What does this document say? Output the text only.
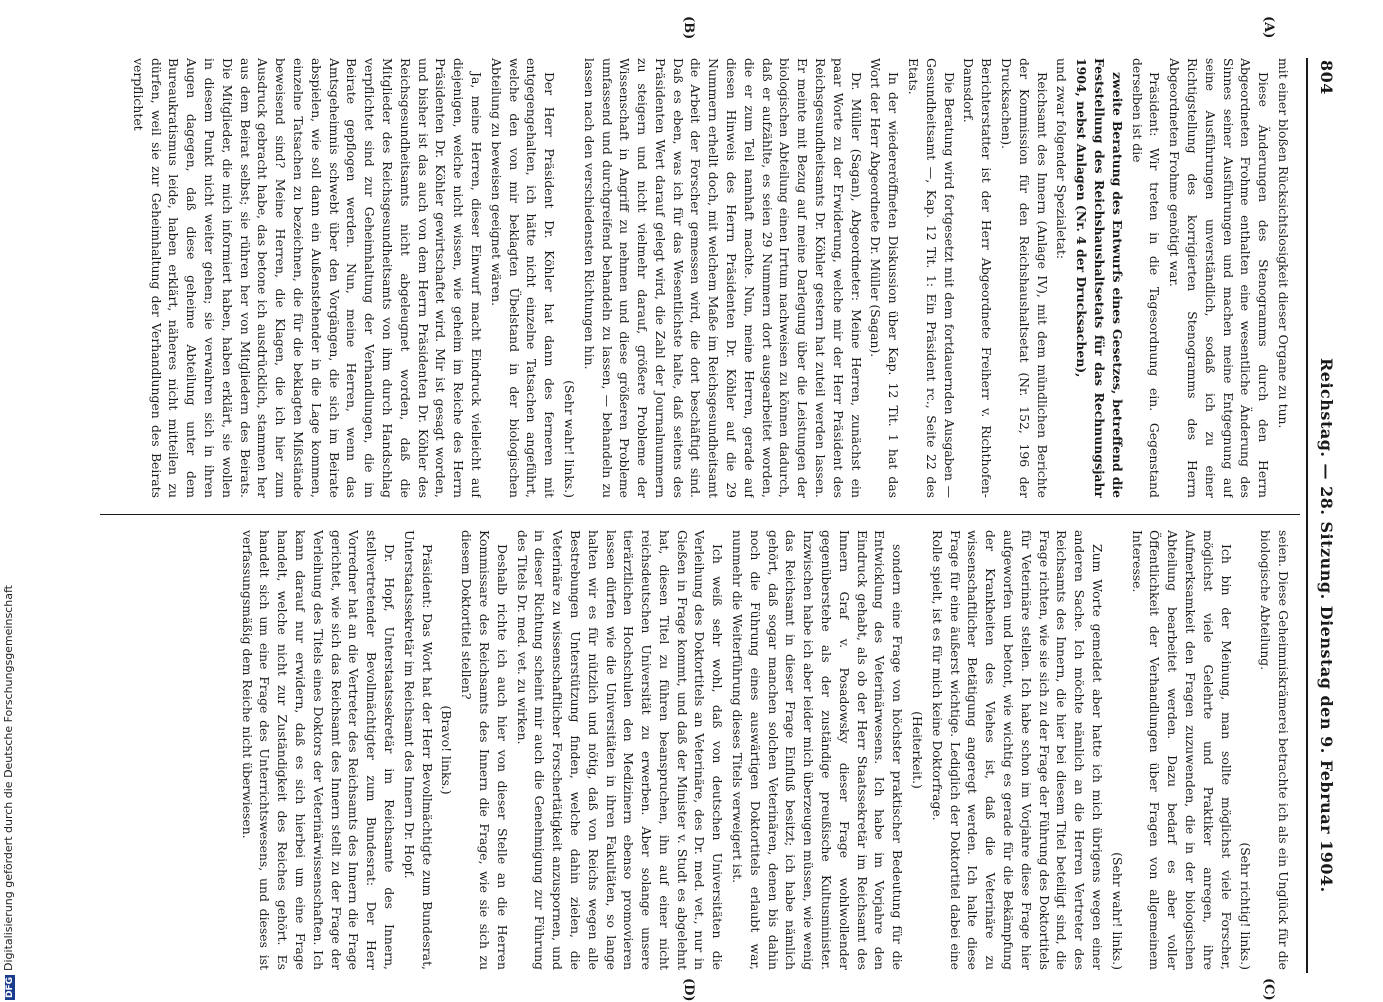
804
Reichstag. — 28. Sitzung. Dienstag den 9. Februar 1904.
(A)
(B)
(C)
(D)

mit einer bloßen Rücksichtslosigkeit dieser Organe zu tun.

Diese Änderungen des Stenogramms durch den Herrn Abgeordneten Frohme enthalten eine wesentliche Änderung des Sinnes seiner Ausführungen und machen meine Entgegnung auf seine Ausführungen unverständlich, sodaß ich zu einer Richtigstellung des korrigierten Stenogramms des Herrn Abgeordneten Frohme genötigt war.

Präsident: Wir treten in die Tagesordnung ein. Gegenstand derselben ist die

zweite Beratung des Entwurfs eines Gesetzes, betreffend die Feststellung des Reichshaushaltsetats für das Rechnungsjahr 1904, nebst Anlagen (Nr. 4 der Drucksachen),

und zwar folgender Spezialetat:

Reichsamt des Innern (Anlage IV), mit dem mündlichen Berichte der Kommission für den Reichshaushaltsetat (Nr. 152, 196 der Drucksachen).

Berichterstatter ist der Herr Abgeordnete Freiherr v. Richthofen-Damsdorf.

Die Beratung wird fortgesetzt mit dem fortdauernden Ausgaben — Gesundheitsamt —, Kap. 12 Tit. 1: Ein Präsident rc., Seite 22 des Etats.

In der wiedereröffneten Diskussion über Kap. 12 Tit. 1 hat das Wort der Herr Abgeordnete Dr. Müller (Sagan).

Dr. Müller (Sagan), Abgeordneter: Meine Herren, zunächst ein paar Worte zu der Erwiderung, welche mir der Herr Präsident des Reichsgesundheitsamts Dr. Köhler gestern hat zuteil werden lassen. Er meinte mit Bezug auf meine Darlegung über die Leistungen der biologischen Abteilung einen Irrtum nachweisen zu können dadurch, daß er aufzählte, es seien 29 Nummern dort ausgearbeitet worden, die er zum Teil namhaft machte. Nun, meine Herren, gerade auf diesen Hinweis des Herrn Präsidenten Dr. Köhler auf die 29 Nummern erhellt doch, mit welchem Maße im Reichsgesundheitsamt die Arbeit der Forscher gemessen wird, die dort beschäftigt sind. Daß es eben, was ich für das Wesentlichste halte, daß seitens des Präsidenten Wert darauf gelegt wird, die Zahl der Journalnummern zu steigern und nicht vielmehr darauf, größere Probleme der Wissenschaft in Angriff zu nehmen und diese größeren Probleme umfassend und durchgreifend behandeln zu lassen, — behandeln zu lassen nach den verschiedensten Richtungen hin.

(Sehr wahr! links.)

Der Herr Präsident Dr. Köhler hat dann des ferneren mit entgegengehalten, ich hätte nicht einzelne Tatsachen angeführt, welche den von mir beklagten Übelstand in der biologischen Abteilung zu beweisen geeignet wären.

Ja, meine Herren, dieser Einwurf macht Eindruck vielleicht auf diejenigen, welche nicht wissen, wie geheim im Reiche des Herrn Präsidenten Dr. Köhler gewirtschaftet wird. Mir ist gesagt worden, und bisher ist das auch von dem Herrn Präsidenten Dr. Köhler des Reichsgesundheitsamts nicht abgeleugnet worden, daß die Mitglieder des Reichsgesundheitsamts von ihm durch Handschlag verpflichtet sind zur Geheimhaltung der Verhandlungen, die im Beirate gepflogen werden. Nun, meine Herren, wenn das Amtsgeheimnis schwebt über den Vorgängen, die sich im Beirate abspielen, wie soll dann ein Außenstehender in die Lage kommen, einzelne Tatsachen zu bezeichnen, die für die beklagten Mißstände beweisend sind? Meine Herren, die Klagen, die ich hier zum Ausdruck gebracht habe, das betone ich ausdrücklich, stammen her aus dem Beirat selbst; sie rühren her von Mitgliedern des Beirats. Die Mitglieder, die mich informiert haben, haben erklärt, sie wollen in diesem Punkt nicht weiter gehen; sie verwahren sich in ihren Augen dagegen, daß diese geheime Abteilung unter dem Bureaukratismus leide, haben erklärt, näheres nicht mitteilen zu dürfen, weil sie zur Geheimhaltung der Verhandlungen des Beirats verpflichtet

seien. Diese Geheimniskrämerei betrachte ich als ein Unglück für die biologische Abteilung.

(Sehr richtig! links.)

Ich bin der Meinung, man sollte möglichst viele Forscher, möglichst viele Gelehrte und Praktiker anregen, ihre Aufmerksamkeit den Fragen zuzuwenden, die in der biologischen Abteilung bearbeitet werden. Dazu bedarf es aber voller Öffentlichkeit der Verhandlungen über Fragen von allgemeinem Interesse.

(Sehr wahr! links.)

Zum Worte gemeldet aber hatte ich mich übrigens wegen einer anderen Sache. Ich möchte nämlich an die Herren Vertreter des Reichsamts des Innern, die hier bei diesem Titel beteiligt sind, die Frage richten, wie sie sich zu der Frage der Führung des Doktortitels für Veterinäre stellen. Ich habe schon im Vorjahre diese Frage hier aufgeworfen und betont, wie wichtig es gerade für die Bekämpfung der Krankheiten des Viehes ist, daß die Veterinäre zu wissenschaftlicher Betätigung angeregt werden. Ich halte diese Frage für eine äußerst wichtige. Lediglich der Doktortitel dabei eine Rolle spielt, ist es für mich keine Doktorfrage.

(Heiterkeit.)

sondern eine Frage von höchster praktischer Bedeutung für die Entwicklung des Veterinärwesens. Ich habe im Vorjahre den Eindruck gehabt, als ob der Herr Staatssekretär im Reichsamt des Innern Graf v. Posadowsky dieser Frage wohlwollender gegenüberstehe als der zuständige preußische Kultusminister. Inzwischen habe ich aber leider mich überzeugen müssen, wie wenig das Reichsamt in dieser Frage Einfluß besitzt; ich habe nämlich gehört, daß sogar manchen solchen Veterinären, denen bis dahin noch die Führung eines auswärtigen Doktortitels erlaubt war, nunmehr die Weiterführung dieses Titels verweigert ist.

Ich weiß sehr wohl, daß von deutschen Universitäten die Verleihung des Doktortitels an Veterinäre, des Dr. med. vet., nur in Gießen in Frage kommt, und daß der Minister v. Studt es abgelehnt hat, diesen Titel zu führen beanspruchen, ihn auf einer nicht reichsdeutschen Universität zu erwerben. Aber solange unsere tierärztlichen Hochschulen den Medizinern ebenso promovieren lassen dürfen wie die Universitäten in ihren Fakultäten, so lange halten wir es für nützlich und nötig, daß von Reichs wegen alle Bestrebungen Unterstützung finden, welche dahin zielen, die Veterinäre zu wissenschaftlicher Forschertätigkeit anzuspornen, und in dieser Richtung scheint mir auch die Genehmigung zur Führung des Titels Dr. med. vet. zu wirken.

Deshalb richte ich auch hier von dieser Stelle an die Herren Kommissare des Reichsamts des Innern die Frage, wie sie sich zu diesem Doktortitel stellen?

(Bravo! links.)

Präsident: Das Wort hat der Herr Bevollmächtigte zum Bundesrat, Unterstaatssekretär im Reichsamt des Innern Dr. Hopf.

Dr. Hopf, Unterstaatssekretär im Reichsamte des Innern, stellvertretender Bevollmächtigter zum Bundesrat: Der Herr Vorredner hat an die Vertreter des Reichsamts des Innern die Frage gerichtet, wie sich das Reichsamt des Innern stellt zu der Frage der Verleihung des Titels eines Doktors der Veterinärwissenschaften. Ich kann darauf nur erwidern, daß es sich hierbei um eine Frage handelt, welche nicht zur Zuständigkeit des Reiches gehört. Es handelt sich um eine Frage des Unterrichtswesens, und dieses ist verfassungsmäßig dem Reiche nicht überwiesen.

DFGDigitalisierung gefördert durch die Deutsche Forschungsgemeinschaft
